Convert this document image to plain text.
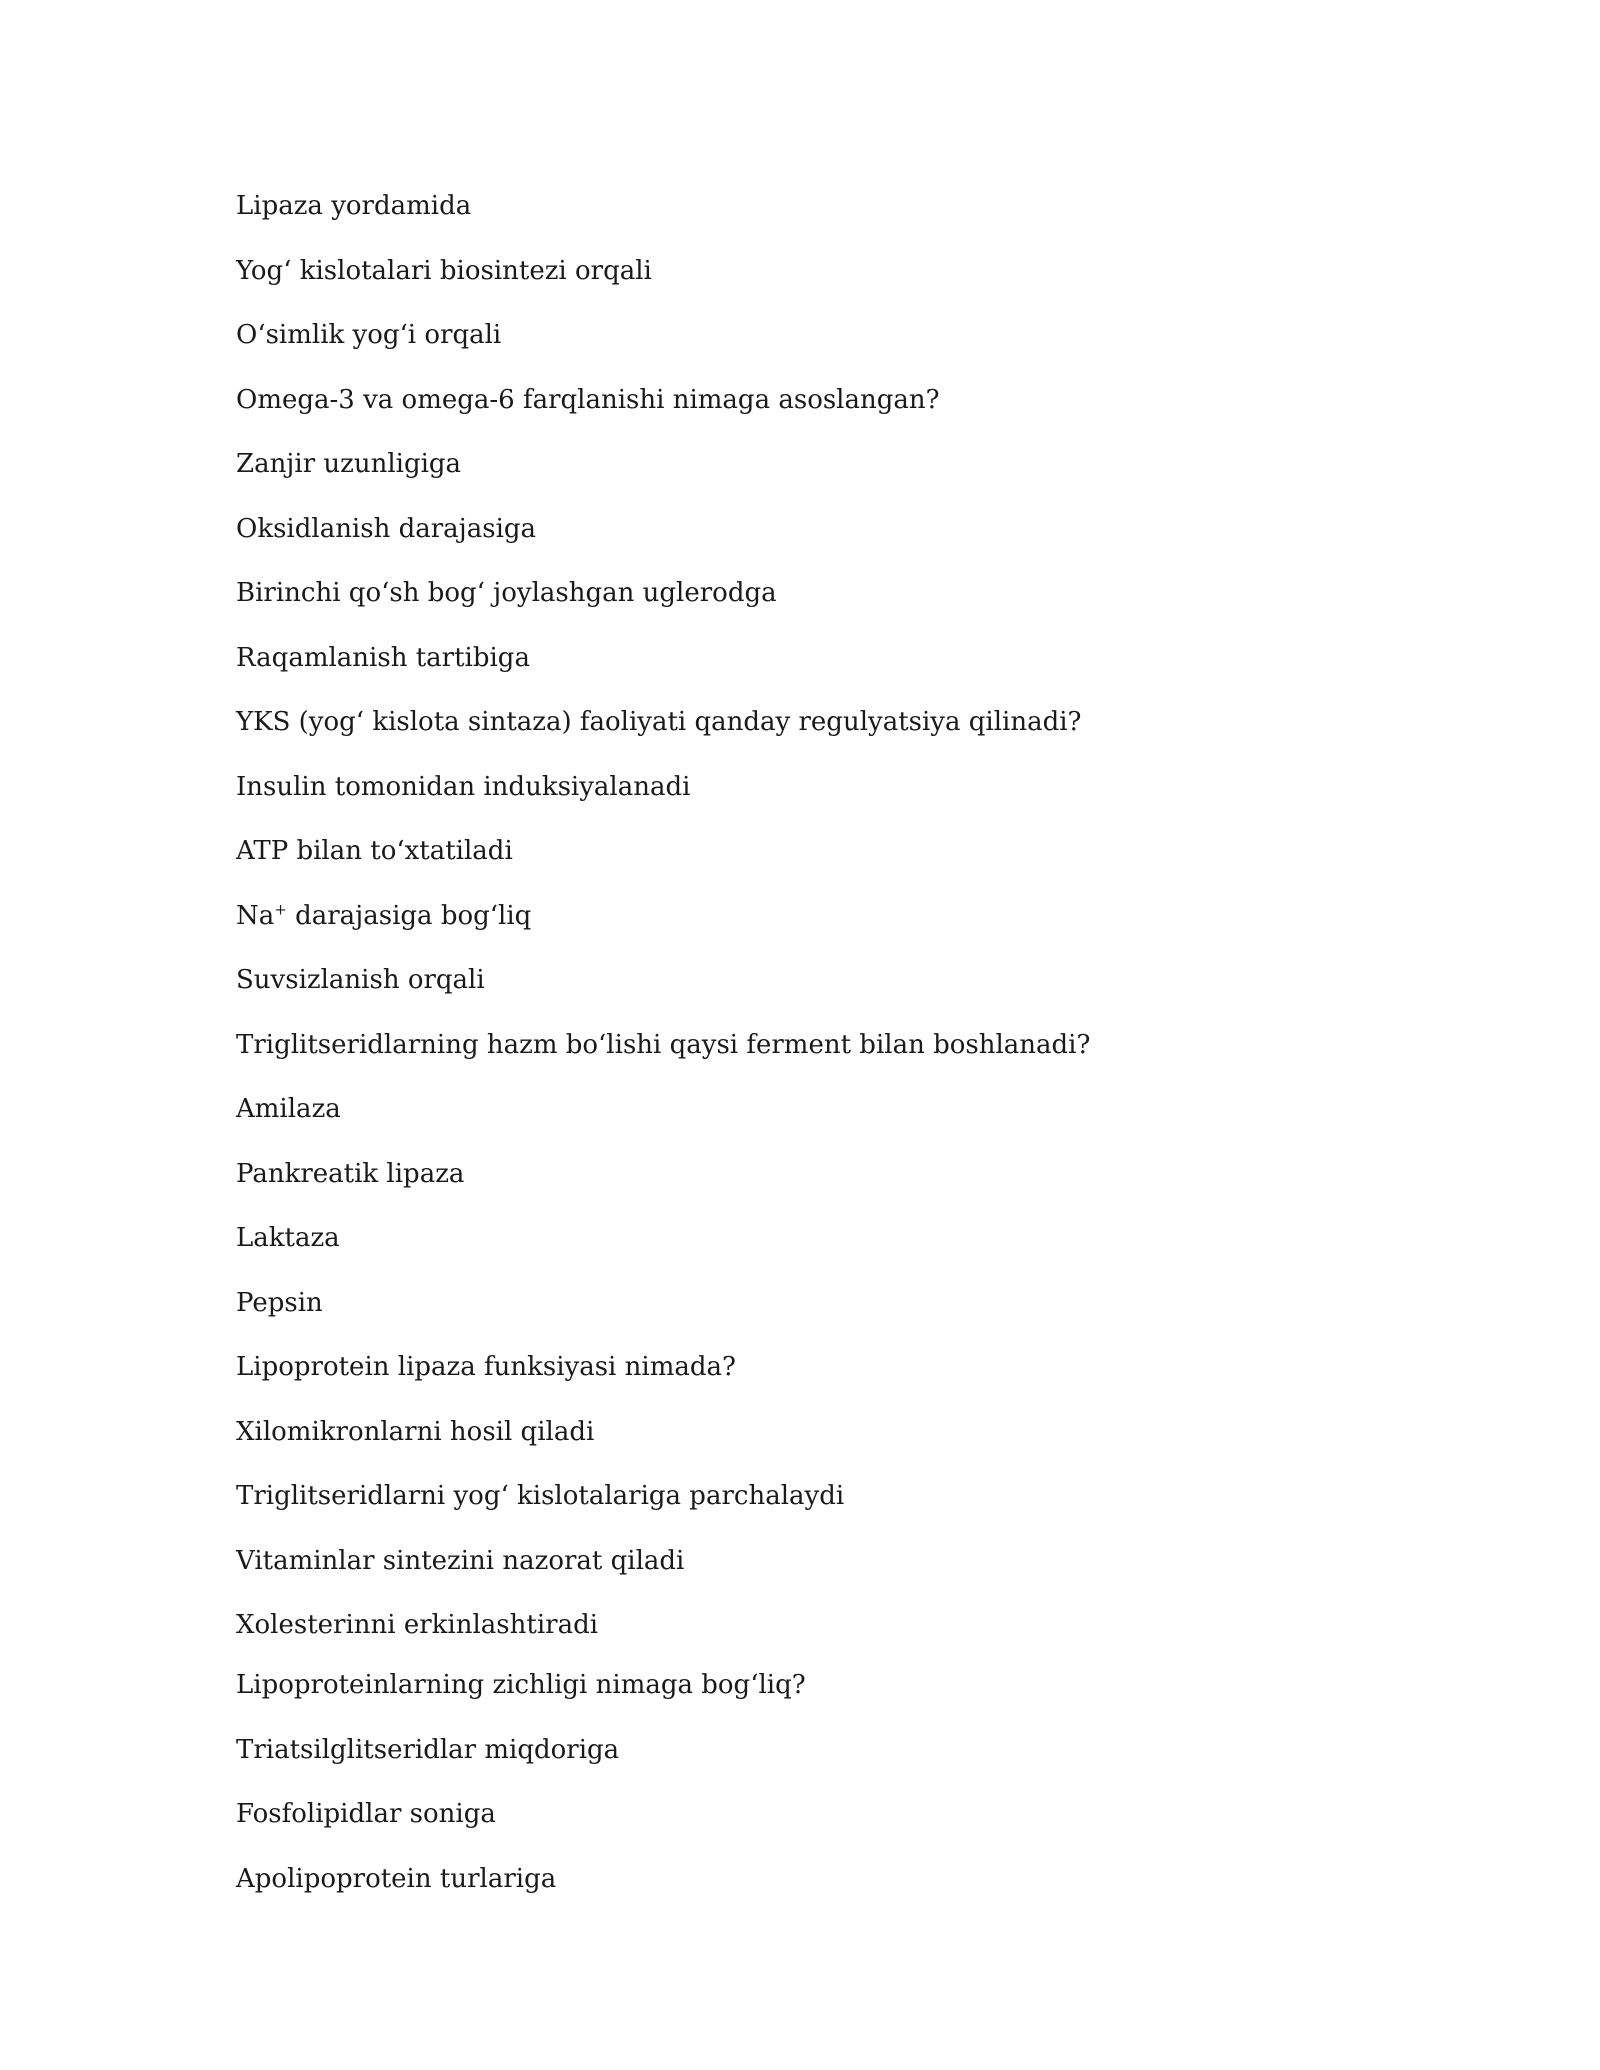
Lipaza yordamida
Yog‘ kislotalari biosintezi orqali
O‘simlik yog‘i orqali
Omega-3 va omega-6 farqlanishi nimaga asoslangan?
Zanjir uzunligiga
Oksidlanish darajasiga
Birinchi qo‘sh bog‘ joylashgan uglerodga
Raqamlanish tartibiga
YKS (yog‘ kislota sintaza) faoliyati qanday regulyatsiya qilinadi?
Insulin tomonidan induksiyalanadi
ATP bilan to‘xtatiladi
Na+ darajasiga bog‘liq
Suvsizlanish orqali
Triglitseridlarning hazm bo‘lishi qaysi ferment bilan boshlanadi?
Amilaza
Pankreatik lipaza
Laktaza
Pepsin
Lipoprotein lipaza funksiyasi nimada?
Xilomikronlarni hosil qiladi
Triglitseridlarni yog‘ kislotalariga parchalaydi
Vitaminlar sintezini nazorat qiladi
Xolesterinni erkinlashtiradi
Lipoproteinlarning zichligi nimaga bog‘liq?
Triatsilglitseridlar miqdoriga
Fosfolipidlar soniga
Apolipoprotein turlariga
